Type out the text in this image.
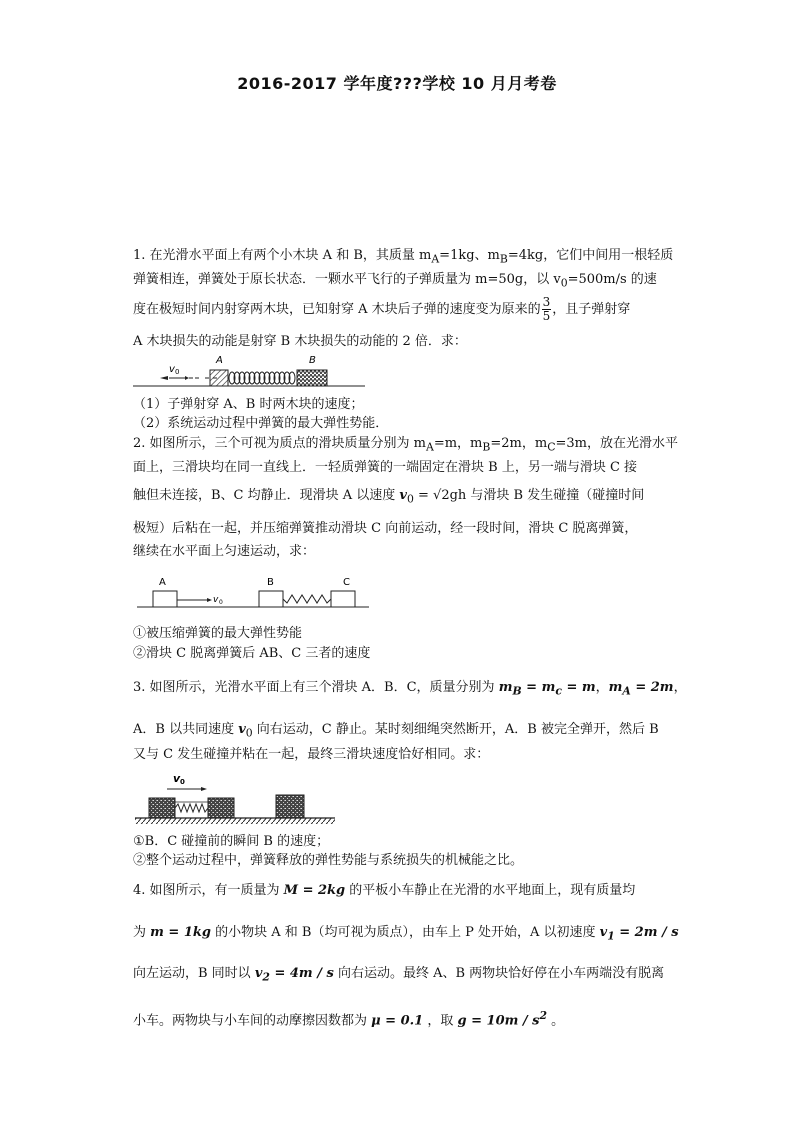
2016-2017 学年度???学校 10 月月考卷
1. 在光滑水平面上有两个小木块 A 和 B，其质量 $m_A=1kg$、$m_B=4kg$，它们中间用一根轻质
弹簧相连，弹簧处于原长状态．一颗水平飞行的子弹质量为 m=50g，以 $v_0=500m/s$ 的速
度在极短时间内射穿两木块，已知射穿 A 木块后子弹的速度变为原来的 $\frac{3}{5}$ ，且子弹射穿
A 木块损失的动能是射穿 B 木块损失的动能的 2 倍．求：
v 0
A	B
（1）子弹射穿 A、B 时两木块的速度；
（2）系统运动过程中弹簧的最大弹性势能．
2. 如图所示，三个可视为质点的滑块质量分别为 $m_A=m$，$m_B=2m$，$m_C=3m$，放在光滑水平
面上，三滑块均在同一直线上．一轻质弹簧的一端固定在滑块 B 上，另一端与滑块 C 接
触但未连接，B、C 均静止．现滑块 A 以速度 $v_0 = √2gh$ 与滑块 B 发生碰撞（碰撞时间
极短）后粘在一起，并压缩弹簧推动滑块 C 向前运动，经一段时间，滑块 C 脱离弹簧，
继续在水平面上匀速运动，求：
v 0
A	B	C
①被压缩弹簧的最大弹性势能
②滑块 C 脱离弹簧后 AB、C 三者的速度
3. 如图所示，光滑水平面上有三个滑块 A．B．C，质量分别为 $m_B = m_c = m$，$m_A = 2m$，
A．B 以共同速度 $v_0$ 向右运动，C 静止。某时刻细绳突然断开，A．B 被完全弹开，然后 B
又与 C 发生碰撞并粘在一起，最终三滑块速度恰好相同。求：
v 0
①B．C 碰撞前的瞬间 B 的速度；
②整个运动过程中，弹簧释放的弹性势能与系统损失的机械能之比。
4. 如图所示，有一质量为 M = 2kg 的平板小车静止在光滑的水平地面上，现有质量均
为 m = 1kg 的小物块 A 和 B（均可视为质点），由车上 P 处开始，A 以初速度 $v_1 = 2m / s$
向左运动，B 同时以 $v_2 = 4m / s$ 向右运动。最终 A、B 两物块恰好停在小车两端没有脱离
小车。两物块与小车间的动摩擦因数都为 μ = 0.1 ，取 $g = 10m / s^2$ 。
